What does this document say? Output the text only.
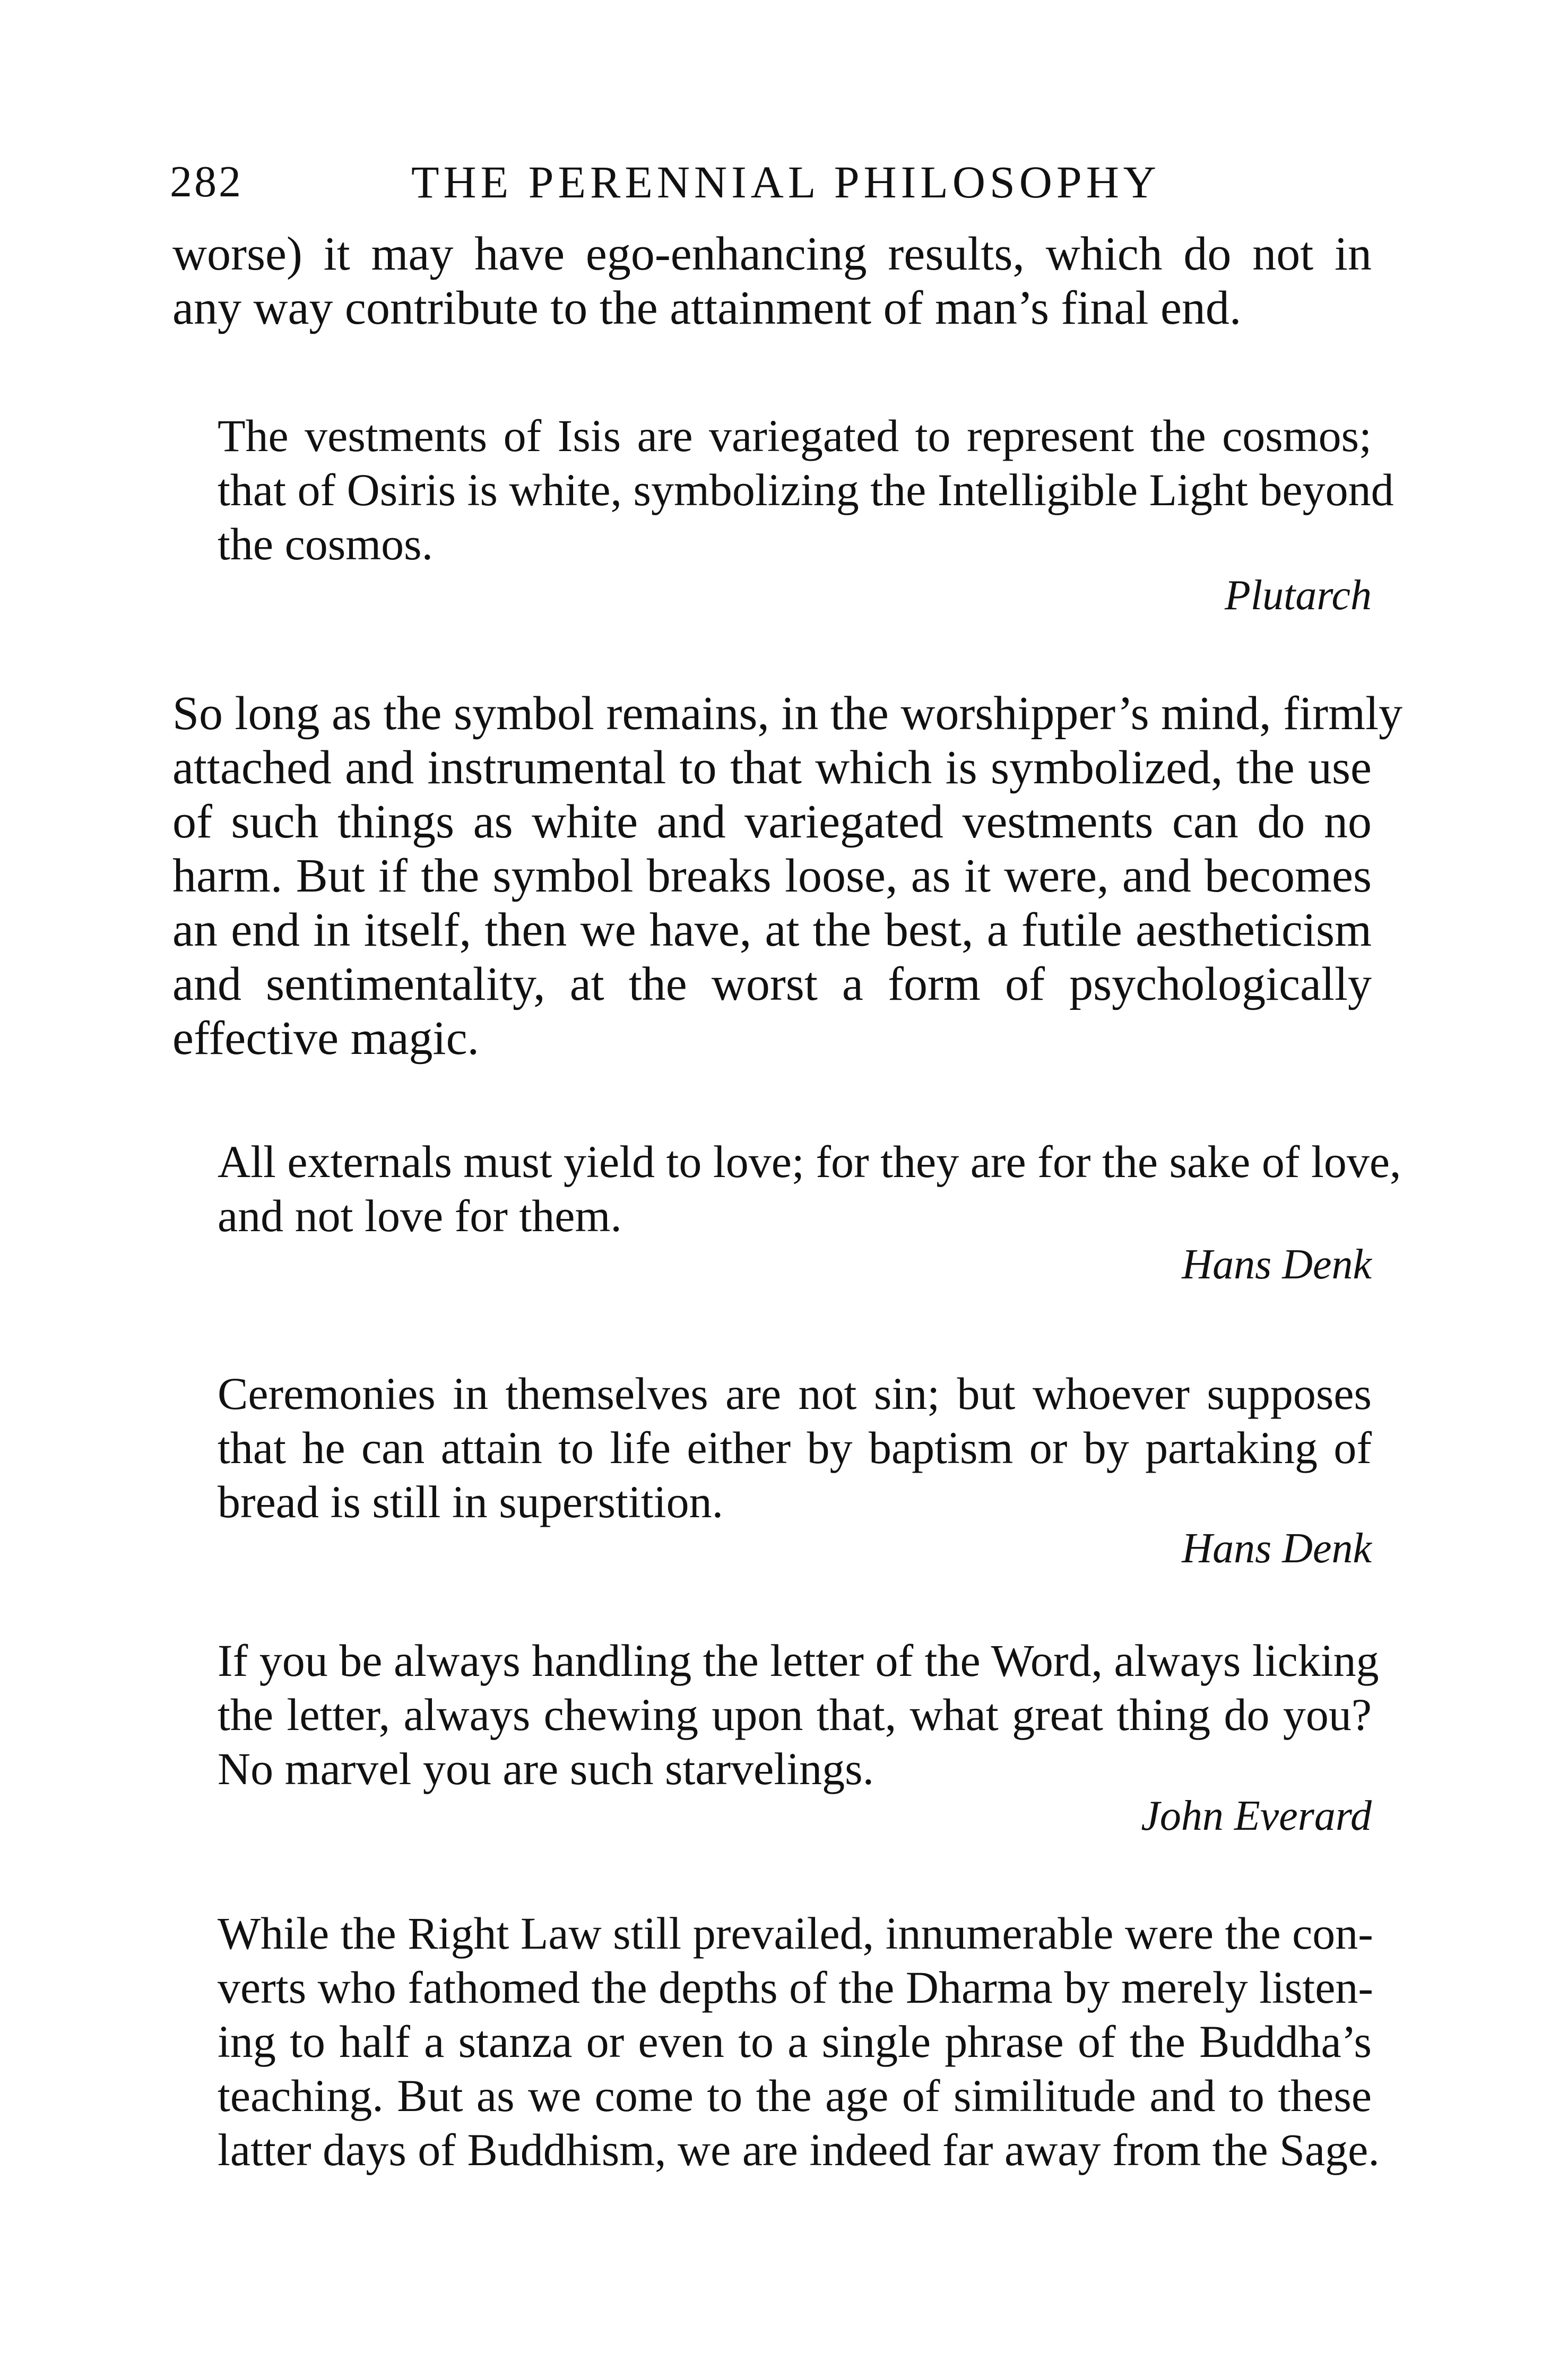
282	THE PERENNIAL PHILOSOPHY

worse) it may have ego-enhancing results, which do not in
any way contribute to the attainment of man’s final end.

The vestments of Isis are variegated to represent the cosmos;
that of Osiris is white, symbolizing the Intelligible Light beyond
the cosmos.

Plutarch

So long as the symbol remains, in the worshipper’s mind, firmly
attached and instrumental to that which is symbolized, the use
of such things as white and variegated vestments can do no
harm. But if the symbol breaks loose, as it were, and becomes
an end in itself, then we have, at the best, a futile aestheticism
and sentimentality, at the worst a form of psychologically
effective magic.

All externals must yield to love; for they are for the sake of love,
and not love for them.

Hans Denk

Ceremonies in themselves are not sin; but whoever supposes
that he can attain to life either by baptism or by partaking of
bread is still in superstition.

Hans Denk

If you be always handling the letter of the Word, always licking
the letter, always chewing upon that, what great thing do you?
No marvel you are such starvelings.

John Everard

While the Right Law still prevailed, innumerable were the con-
verts who fathomed the depths of the Dharma by merely listen-
ing to half a stanza or even to a single phrase of the Buddha’s
teaching. But as we come to the age of similitude and to these
latter days of Buddhism, we are indeed far away from the Sage.
